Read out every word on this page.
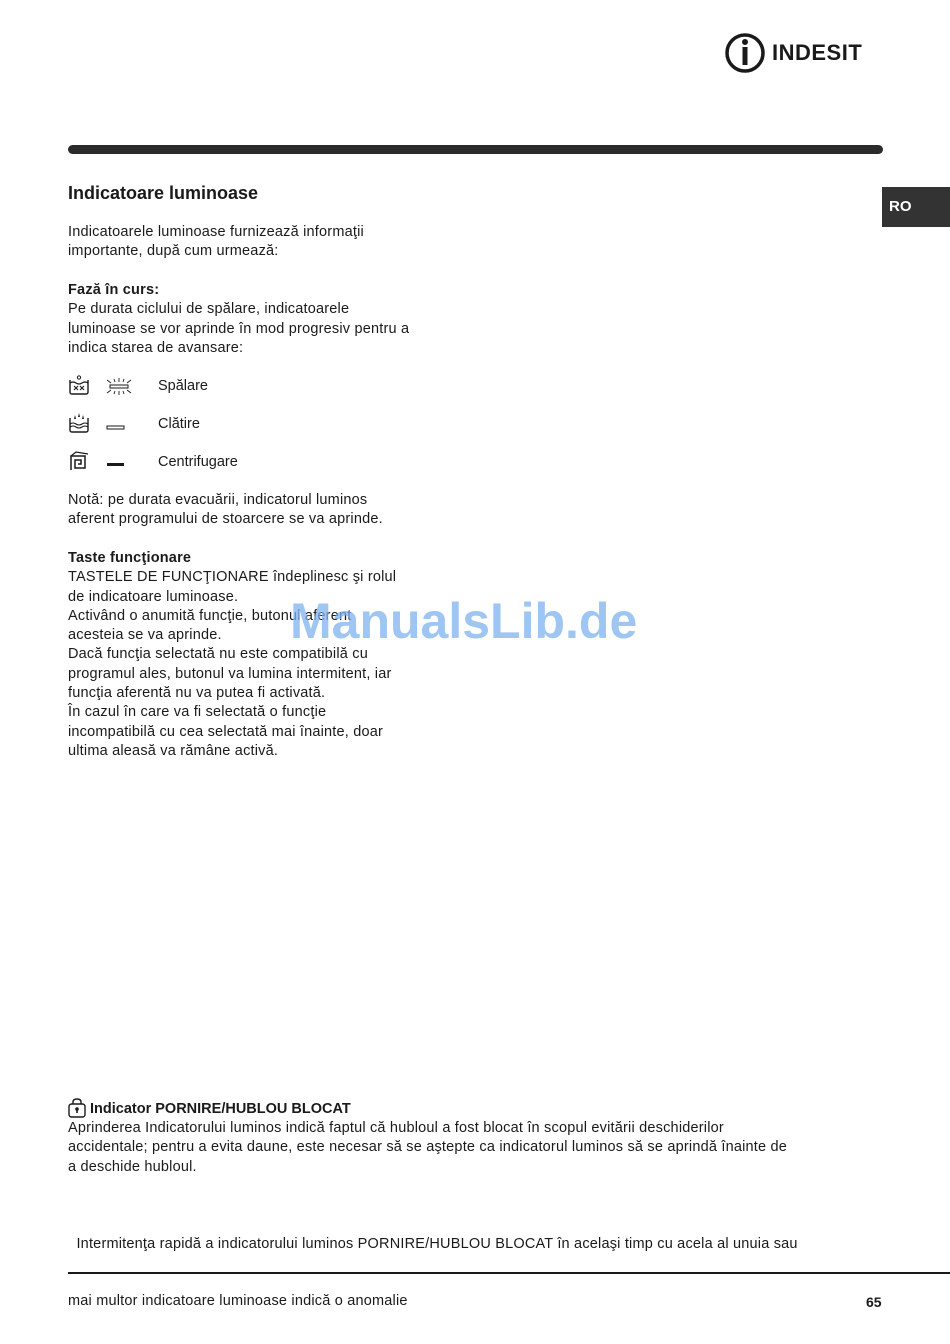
INDESIT
RO
Indicatoare luminoase
Indicatoarele luminoase furnizează informaţii importante, după cum urmează:

Fază în curs:

Pe durata ciclului de spălare, indicatoarele

luminoase se vor aprinde în mod progresiv pentru a

indica starea de avansare:

Spălare
Clătire
Centrifugare

Notă: pe durata evacuării, indicatorul luminos

aferent programului de stoarcere se va aprinde.

Taste funcţionare

TASTELE DE FUNCŢIONARE îndeplinesc şi rolul

de indicatoare luminoase.

Activând o anumită funcţie, butonul aferent

acesteia se va aprinde.

Dacă funcţia selectată nu este compatibilă cu

programul ales, butonul va lumina intermitent, iar

funcţia aferentă nu va putea fi activată.

În cazul în care va fi selectată o funcţie

incompatibilă cu cea selectată mai înainte, doar

ultima aleasă va rămâne activă.

ManualsLib.de
Indicator PORNIRE/HUBLOU BLOCAT

Aprinderea Indicatorului luminos indică faptul că hubloul a fost blocat în scopul evitării deschiderilor

accidentale; pentru a evita daune, este necesar să se aştepte ca indicatorul luminos să se aprindă înainte de

a deschide hubloul.

Intermitenţa rapidă a indicatorului luminos PORNIRE/HUBLOU BLOCAT în acelaşi timp cu acela al unuia sau

mai multor indicatoare luminoase indică o anomalie	65
